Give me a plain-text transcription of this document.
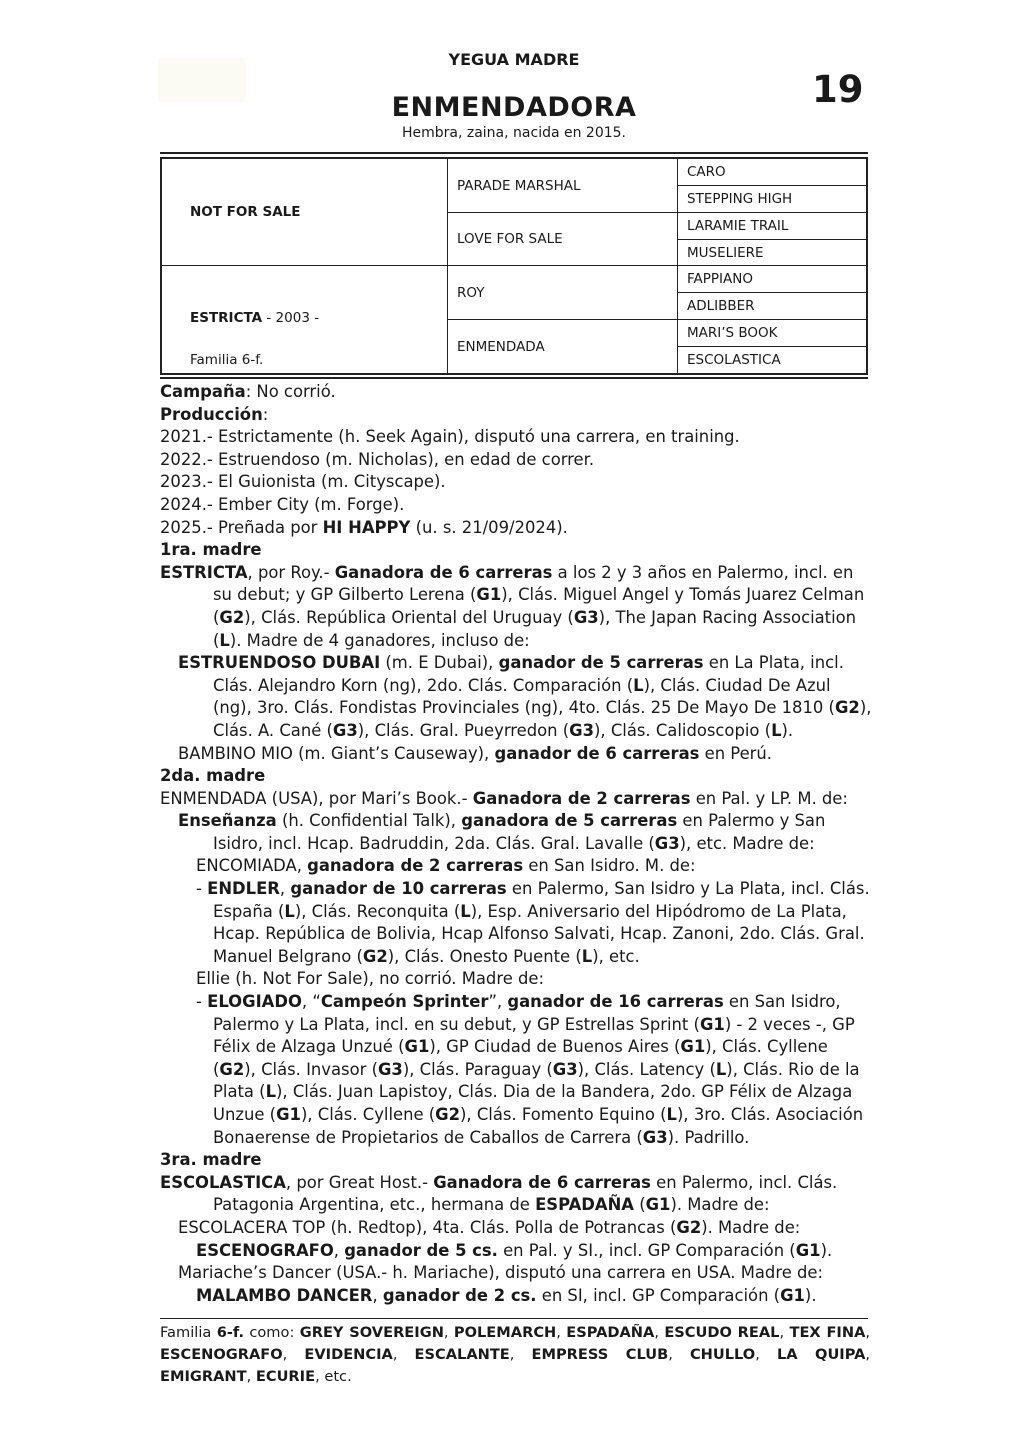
YEGUA MADRE
19
ENMENDADORA
Hembra, zaina, nacida en 2015.
NOT FOR SALE
ESTRICTA - 2003 -
Familia 6-f.
PARADE MARSHAL
LOVE FOR SALE
ROY
ENMENDADA
CARO
STEPPING HIGH
LARAMIE TRAIL
MUSELIERE
FAPPIANO
ADLIBBER
MARI’S BOOK
ESCOLASTICA

Campaña: No corrió.

Producción:

2021.- Estrictamente (h. Seek Again), disputó una carrera, en training.

2022.- Estruendoso (m. Nicholas), en edad de correr.

2023.- El Guionista (m. Cityscape).

2024.- Ember City (m. Forge).

2025.- Preñada por HI HAPPY (u. s. 21/09/2024).

1ra. madre

ESTRICTA, por Roy.- Ganadora de 6 carreras a los 2 y 3 años en Palermo, incl. en su debut; y GP Gilberto Lerena (G1), Clás. Miguel Angel y Tomás Juarez Celman (G2), Clás. República Oriental del Uruguay (G3), The Japan Racing Association (L). Madre de 4 ganadores, incluso de:

ESTRUENDOSO DUBAI (m. E Dubai), ganador de 5 carreras en La Plata, incl. Clás. Alejandro Korn (ng), 2do. Clás. Comparación (L), Clás. Ciudad De Azul (ng), 3ro. Clás. Fondistas Provinciales (ng), 4to. Clás. 25 De Mayo De 1810 (G2), Clás. A. Cané (G3), Clás. Gral. Pueyrredon (G3), Clás. Calidoscopio (L).

BAMBINO MIO (m. Giant’s Causeway), ganador de 6 carreras en Perú.

2da. madre

ENMENDADA (USA), por Mari’s Book.- Ganadora de 2 carreras en Pal. y LP. M. de:

Enseñanza (h. Confidential Talk), ganadora de 5 carreras en Palermo y San Isidro, incl. Hcap. Badruddin, 2da. Clás. Gral. Lavalle (G3), etc. Madre de:

ENCOMIADA, ganadora de 2 carreras en San Isidro. M. de:

- ENDLER, ganador de 10 carreras en Palermo, San Isidro y La Plata, incl. Clás. España (L), Clás. Reconquita (L), Esp. Aniversario del Hipódromo de La Plata, Hcap. República de Bolivia, Hcap Alfonso Salvati, Hcap. Zanoni, 2do. Clás. Gral. Manuel Belgrano (G2), Clás. Onesto Puente (L), etc.

Ellie (h. Not For Sale), no corrió. Madre de:

- ELOGIADO, “Campeón Sprinter”, ganador de 16 carreras en San Isidro, Palermo y La Plata, incl. en su debut, y GP Estrellas Sprint (G1) - 2 veces -, GP Félix de Alzaga Unzué (G1), GP Ciudad de Buenos Aires (G1), Clás. Cyllene (G2), Clás. Invasor (G3), Clás. Paraguay (G3), Clás. Latency (L), Clás. Rio de la Plata (L), Clás. Juan Lapistoy, Clás. Dia de la Bandera, 2do. GP Félix de Alzaga Unzue (G1), Clás. Cyllene (G2), Clás. Fomento Equino (L), 3ro. Clás. Asociación Bonaerense de Propietarios de Caballos de Carrera (G3). Padrillo.

3ra. madre

ESCOLASTICA, por Great Host.- Ganadora de 6 carreras en Palermo, incl. Clás. Patagonia Argentina, etc., hermana de ESPADAÑA (G1). Madre de:

ESCOLACERA TOP (h. Redtop), 4ta. Clás. Polla de Potrancas (G2). Madre de:

ESCENOGRAFO, ganador de 5 cs. en Pal. y SI., incl. GP Comparación (G1).

Mariache’s Dancer (USA.- h. Mariache), disputó una carrera en USA. Madre de:

MALAMBO DANCER, ganador de 2 cs. en SI, incl. GP Comparación (G1).

Familia 6-f. como: GREY SOVEREIGN, POLEMARCH, ESPADAÑA, ESCUDO REAL, TEX FINA, ESCENOGRAFO, EVIDENCIA, ESCALANTE, EMPRESS CLUB, CHULLO, LA QUIPA, EMIGRANT, ECURIE, etc.
